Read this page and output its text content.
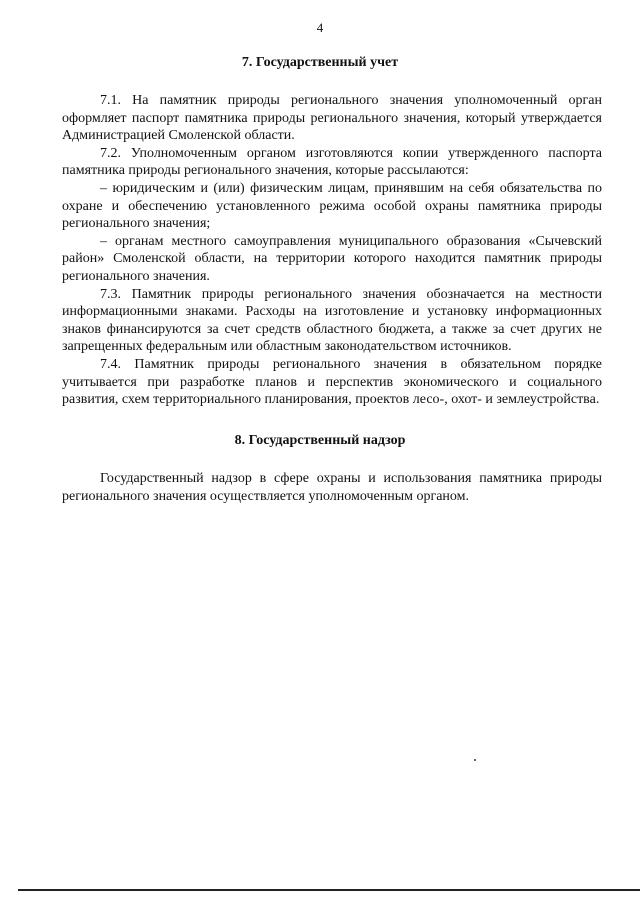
4
7. Государственный учет

7.1. На памятник природы регионального значения уполномоченный орган оформляет паспорт памятника природы регионального значения, который утверждается Администрацией Смоленской области.

7.2. Уполномоченным органом изготовляются копии утвержденного паспорта памятника природы регионального значения, которые рассылаются:

– юридическим и (или) физическим лицам, принявшим на себя обязательства по охране и обеспечению установленного режима особой охраны памятника природы регионального значения;

– органам местного самоуправления муниципального образования «Сычевский район» Смоленской области, на территории которого находится памятник природы регионального значения.

7.3. Памятник природы регионального значения обозначается на местности информационными знаками. Расходы на изготовление и установку информационных знаков финансируются за счет средств областного бюджета, а также за счет других не запрещенных федеральным или областным законодательством источников.

7.4. Памятник природы регионального значения в обязательном порядке учитывается при разработке планов и перспектив экономического и социального развития, схем территориального планирования, проектов лесо-, охот- и землеустройства.

8. Государственный надзор

Государственный надзор в сфере охраны и использования памятника природы регионального значения осуществляется уполномоченным органом.
